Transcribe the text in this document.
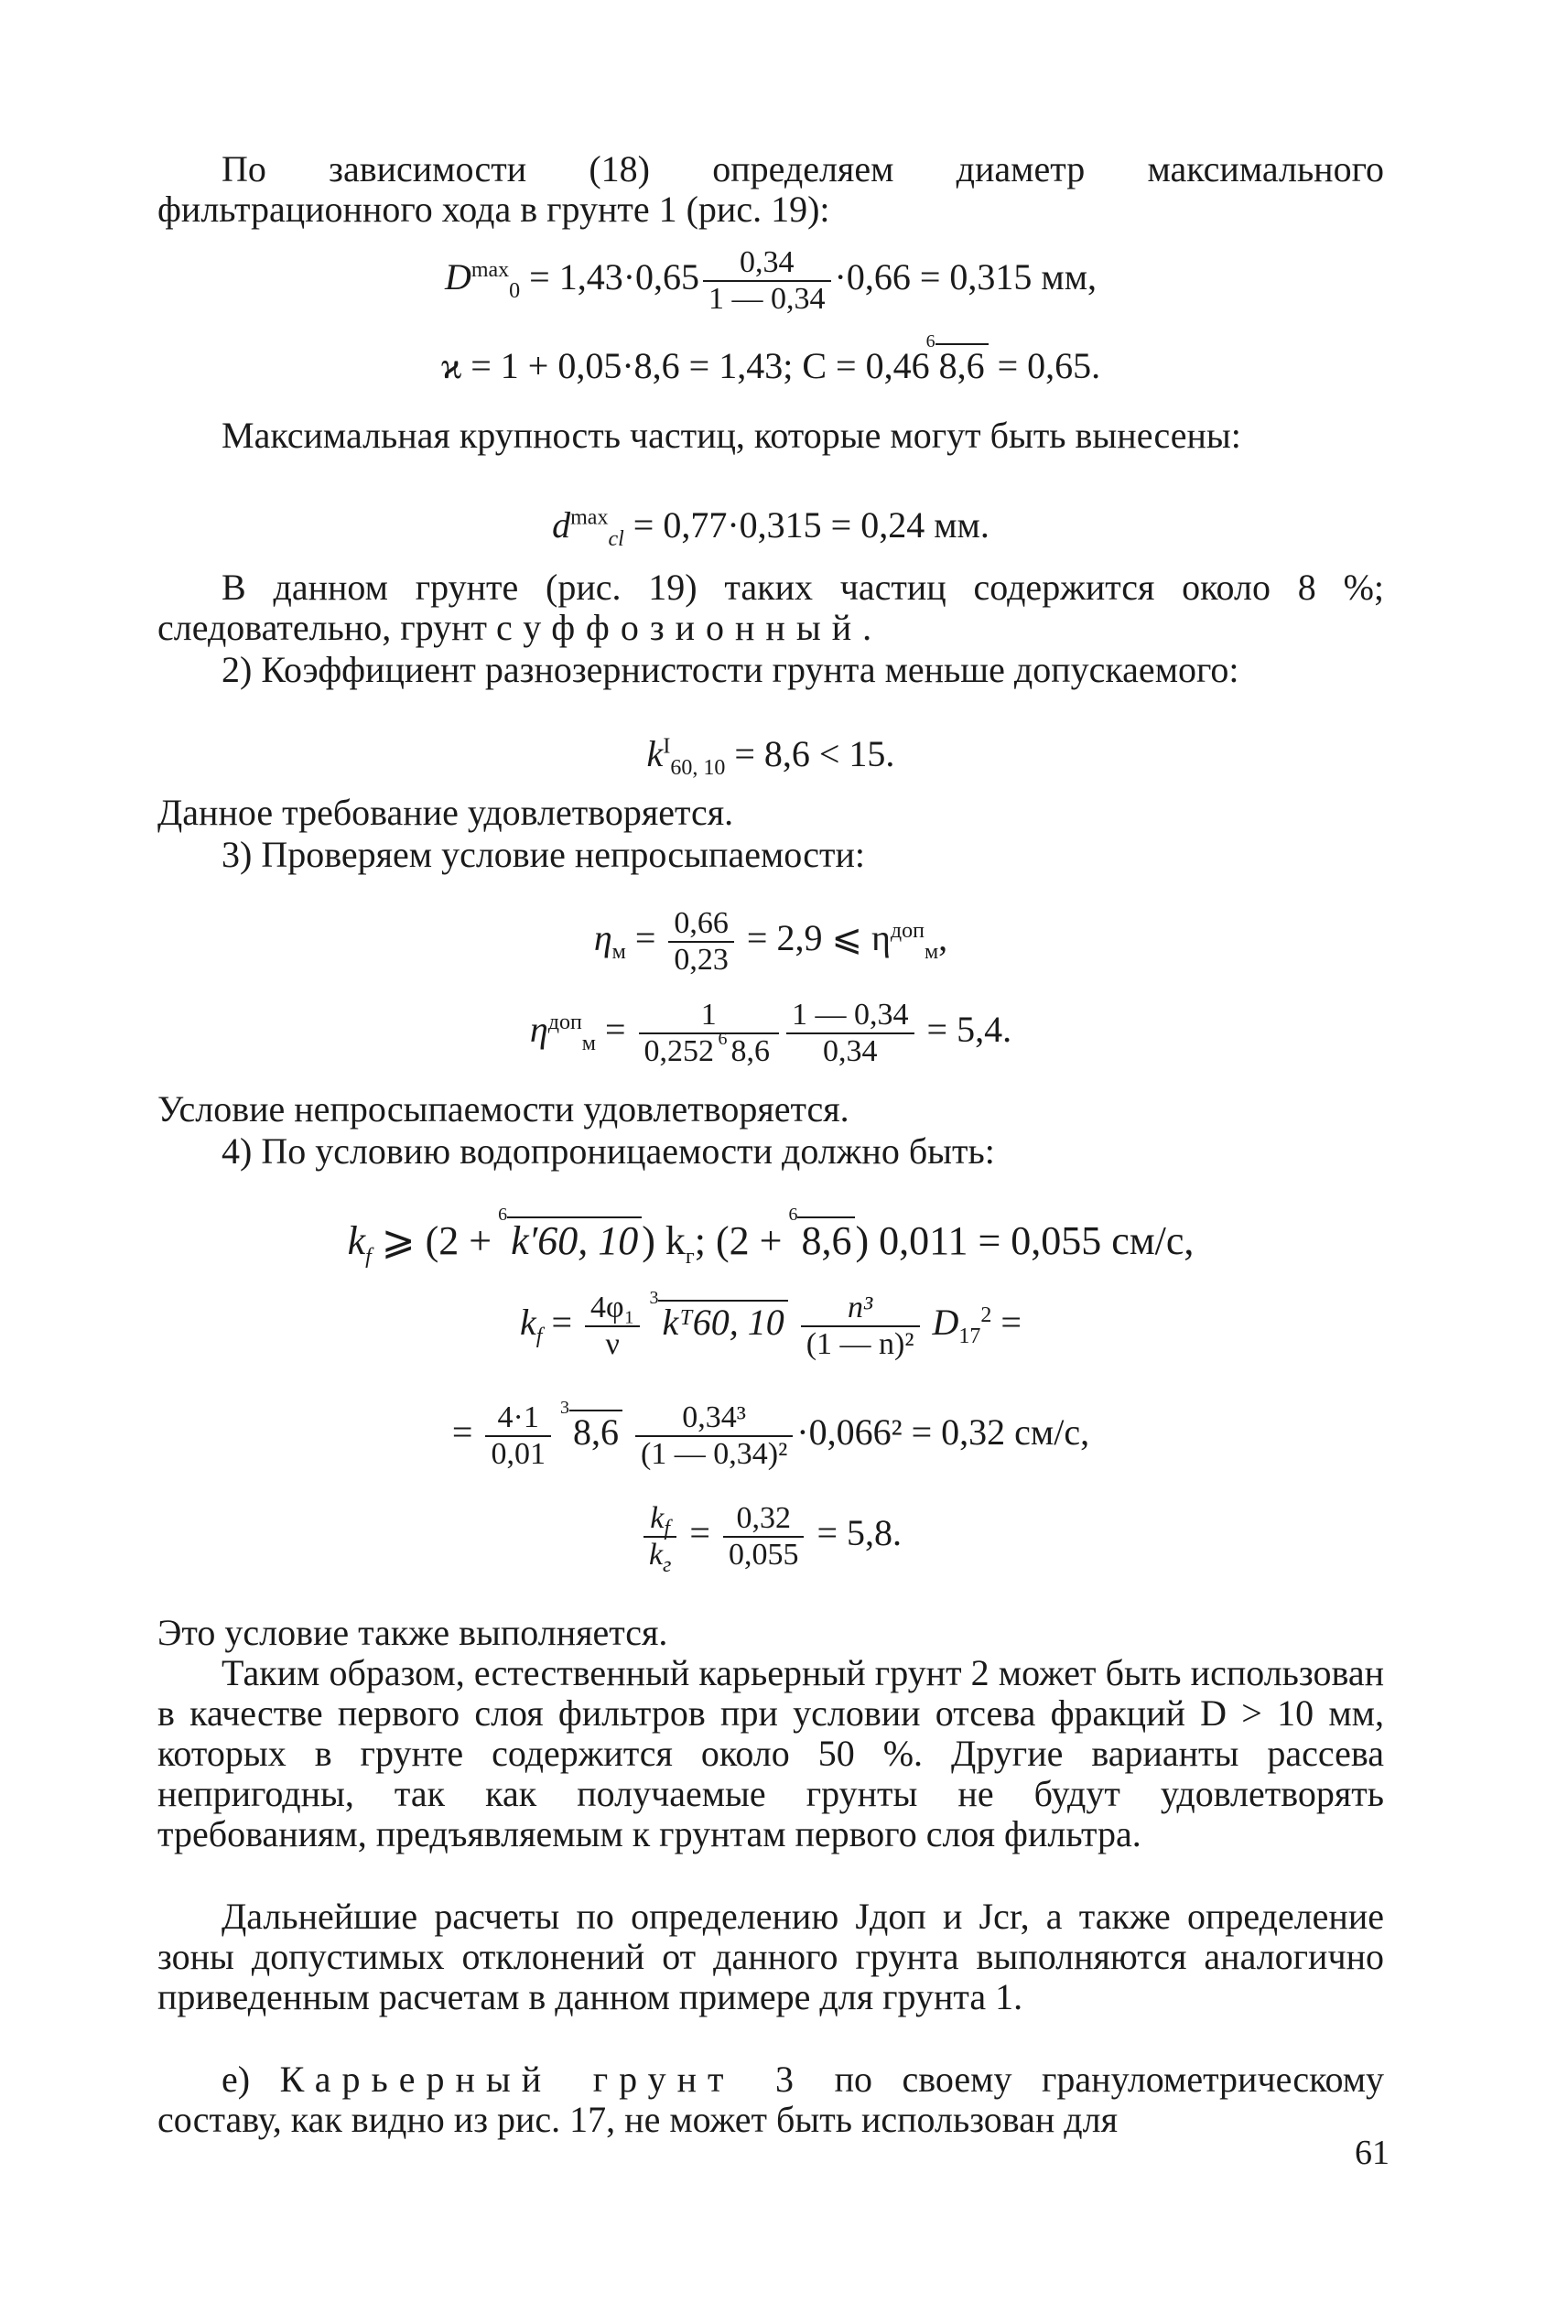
По зависимости (18) определяем диаметр максимального фильтрационного хода в грунте 1 (рис. 19):
$D^{max}_0 = 1,43\cdot 0,65 \frac{0,34}{1 — 0,34} \cdot 0,66 = 0,315$ мм,
ϰ = 1 + 0,05·8,6 = 1,43; C = 0,46
6
8,6 = 0,65.
Максимальная крупность частиц, которые могут быть вынесены:
$d^{max}_{cl} = 0,77\cdot 0,315 = 0,24$ мм.
В данном грунте (рис. 19) таких частиц содержится около 8 %; следовательно, грунт суффозионный.
2) Коэффициент разнозернистости грунта меньше допускаемого:
$k^I_{60, 10} = 8,6 < 15$.
Данное требование удовлетворяется.
3) Проверяем условие непросыпаемости:
$\eta_м = \frac{0,66}{0,23} = 2,9$ ⩽ $\eta^{доп}_м$,
$\eta^{доп}_м = \frac{1}{0,252 6 8,6} \frac{1 — 0,34}{0,34} = 5,4$.
Условие непросыпаемости удовлетворяется.
4) По условию водопроницаемости должно быть:
$k_f$ ⩾ (2 +
6
k′60, 10) $k_г$; (2 +
6
8,6) 0,011 = 0,055 см/с,
$k_f = \frac{\text{4φ₁}}{\nu}$
3
kᵀ60, $10 \frac{\text{n³}}{\text{(1 — n)²}} D_{17}^2$ =
= $\frac{4\cdot 1}{0,01}$
3
$8,6 \frac{\text{0,34³}}{\text{(1 — 0,34)²}} \cdot 0,066^2 = 0,32$ см/с,
$\frac{k_f}{k_г} = \frac{0,32}{0,055} = 5,8$.
Это условие также выполняется.
Таким образом, естественный карьерный грунт 2 может быть использован в качестве первого слоя фильтров при условии отсева фракций D > 10 мм, которых в грунте содержится около 50 %. Другие варианты рассева непригодны, так как получаемые грунты не будут удовлетворять требованиям, предъявляемым к грунтам первого слоя фильтра.
Дальнейшие расчеты по определению Jдоп и Jcr, а также определение зоны допустимых отклонений от данного грунта выполняются аналогично приведенным расчетам в данном примере для грунта 1.
е) Карьерный грунт 3 по своему гранулометрическому составу, как видно из рис. 17, не может быть использован для
61
